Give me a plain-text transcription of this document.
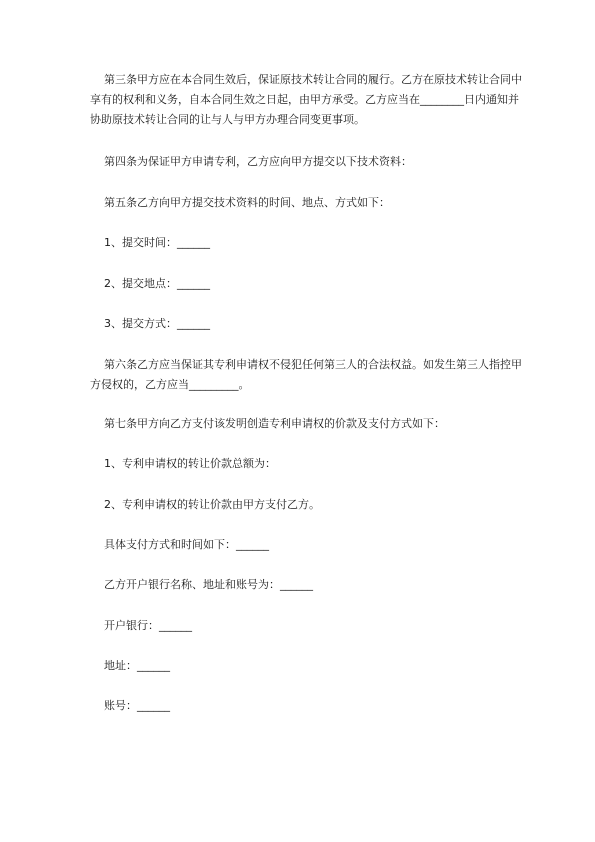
第三条甲方应在本合同生效后，保证原技术转让合同的履行。乙方在原技术转让合同中享有的权利和义务，自本合同生效之日起，由甲方承受。乙方应当在________日内通知并协助原技术转让合同的让与人与甲方办理合同变更事项。

第四条为保证甲方申请专利，乙方应向甲方提交以下技术资料：

第五条乙方向甲方提交技术资料的时间、地点、方式如下：

1、提交时间：______

2、提交地点：______

3、提交方式：______

第六条乙方应当保证其专利申请权不侵犯任何第三人的合法权益。如发生第三人指控甲方侵权的，乙方应当_________。

第七条甲方向乙方支付该发明创造专利申请权的价款及支付方式如下：

1、专利申请权的转让价款总额为：

2、专利申请权的转让价款由甲方支付乙方。

具体支付方式和时间如下：______

乙方开户银行名称、地址和账号为：______

开户银行：______

地址：______

账号：______
